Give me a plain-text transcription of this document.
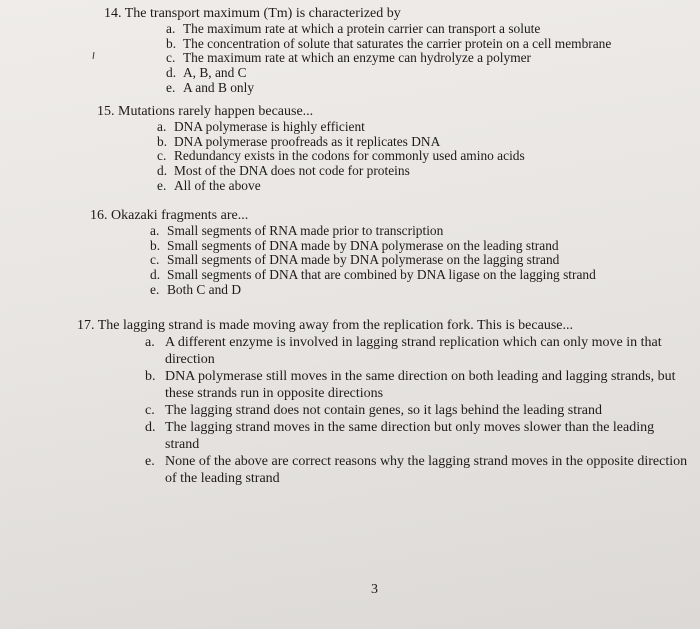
14. The transport maximum (Tm) is characterized by
a. The maximum rate at which a protein carrier can transport a solute
b. The concentration of solute that saturates the carrier protein on a cell membrane
c. The maximum rate at which an enzyme can hydrolyze a polymer
d. A, B, and C
e. A and B only
15. Mutations rarely happen because...
a. DNA polymerase is highly efficient
b. DNA polymerase proofreads as it replicates DNA
c. Redundancy exists in the codons for commonly used amino acids
d. Most of the DNA does not code for proteins
e. All of the above
16. Okazaki fragments are...
a. Small segments of RNA made prior to transcription
b. Small segments of DNA made by DNA polymerase on the leading strand
c. Small segments of DNA made by DNA polymerase on the lagging strand
d. Small segments of DNA that are combined by DNA ligase on the lagging strand
e. Both C and D
17. The lagging strand is made moving away from the replication fork. This is because...
a. A different enzyme is involved in lagging strand replication which can only move in that direction
b. DNA polymerase still moves in the same direction on both leading and lagging strands, but these strands run in opposite directions
c. The lagging strand does not contain genes, so it lags behind the leading strand
d. The lagging strand moves in the same direction but only moves slower than the leading strand
e. None of the above are correct reasons why the lagging strand moves in the opposite direction of the leading strand
3
